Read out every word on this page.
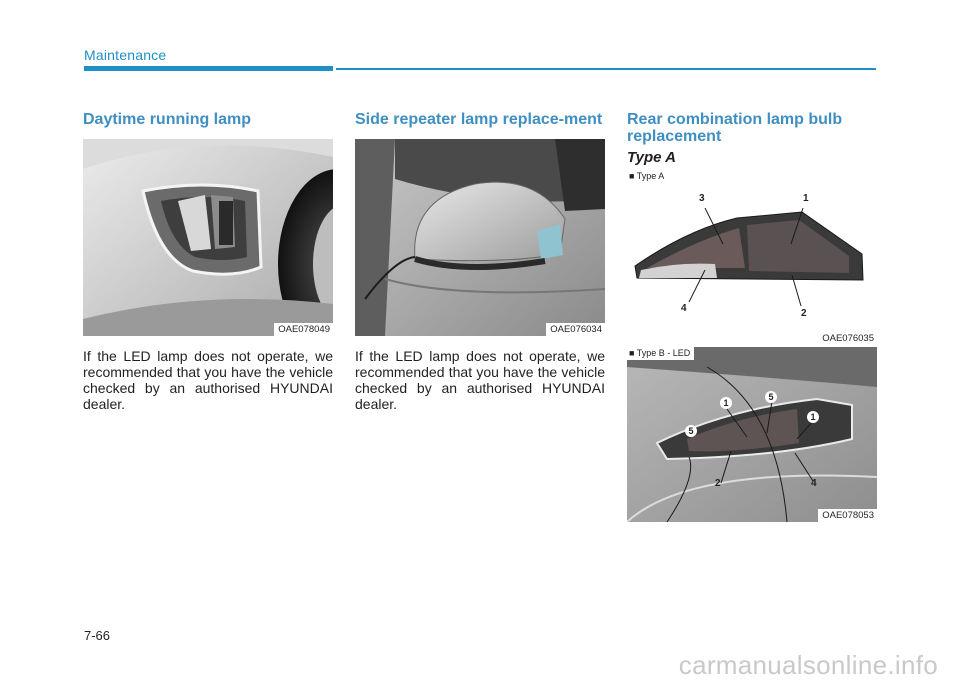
Maintenance
Daytime running lamp
OAE078049

If the LED lamp does not operate, we recommended that you have the vehicle checked by an authorised HYUNDAI dealer.

Side repeater lamp replace-ment
OAE076034

If the LED lamp does not operate, we recommended that you have the vehicle checked by an authorised HYUNDAI dealer.

Rear combination lamp bulb replacement
Type A
■ Type A
3	1
4	2
OAE076035
■ Type B - LED
1
5
1
5
2	4
OAE078053
7-66
carmanualsonline.info
